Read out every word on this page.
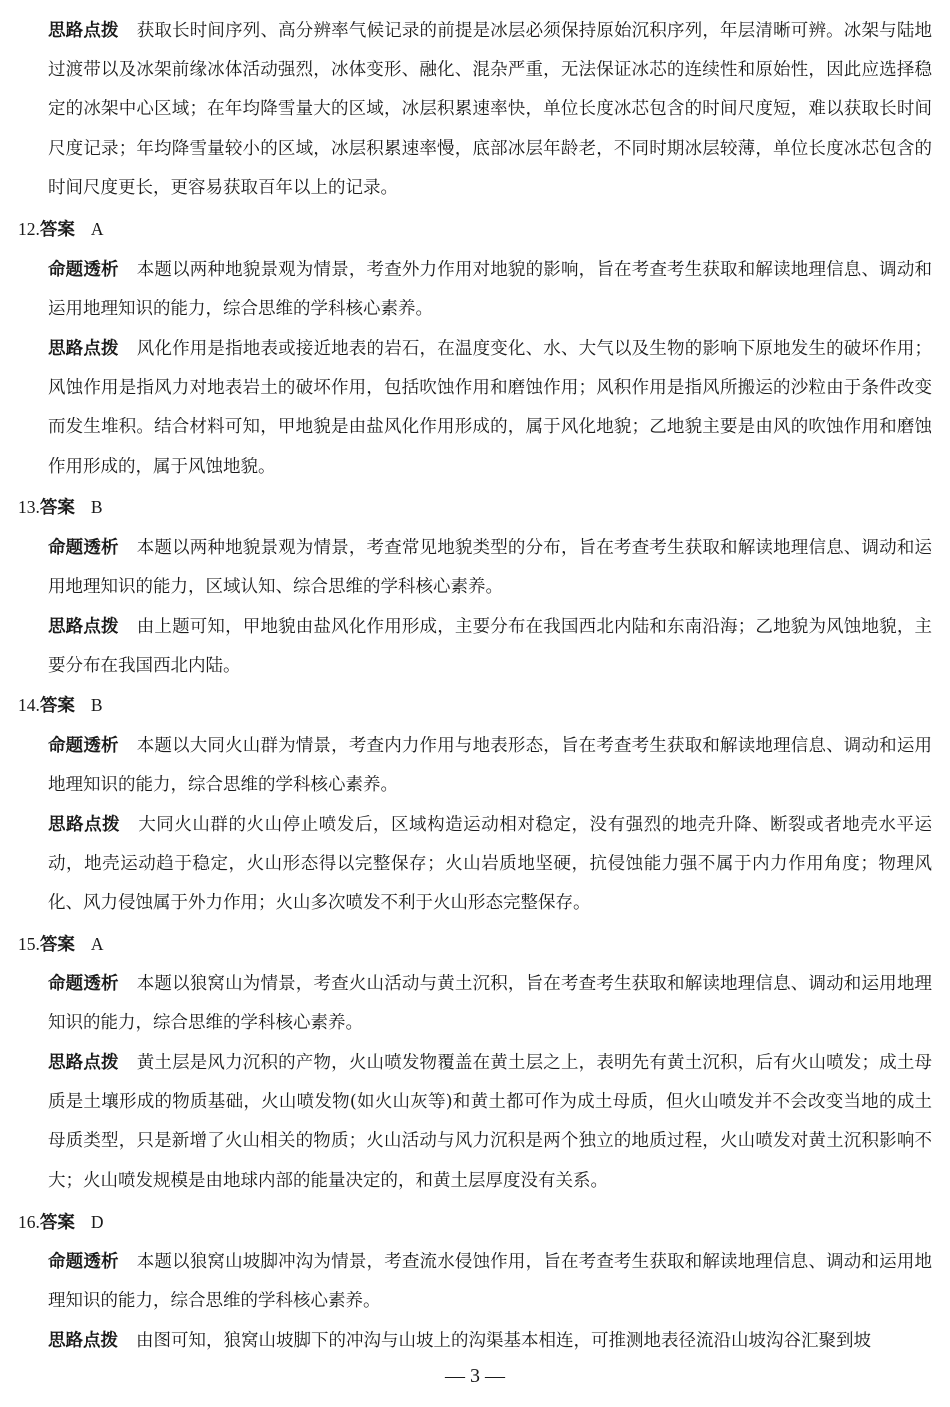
思路点拨 获取长时间序列、高分辨率气候记录的前提是冰层必须保持原始沉积序列，年层清晰可辨。冰架与陆地过渡带以及冰架前缘冰体活动强烈，冰体变形、融化、混杂严重，无法保证冰芯的连续性和原始性，因此应选择稳定的冰架中心区域；在年均降雪量大的区域，冰层积累速率快，单位长度冰芯包含的时间尺度短，难以获取长时间尺度记录；年均降雪量较小的区域，冰层积累速率慢，底部冰层年龄老，不同时期冰层较薄，单位长度冰芯包含的时间尺度更长，更容易获取百年以上的记录。

12.答案 A

命题透析 本题以两种地貌景观为情景，考查外力作用对地貌的影响，旨在考查考生获取和解读地理信息、调动和运用地理知识的能力，综合思维的学科核心素养。

思路点拨 风化作用是指地表或接近地表的岩石，在温度变化、水、大气以及生物的影响下原地发生的破坏作用；风蚀作用是指风力对地表岩土的破坏作用，包括吹蚀作用和磨蚀作用；风积作用是指风所搬运的沙粒由于条件改变而发生堆积。结合材料可知，甲地貌是由盐风化作用形成的，属于风化地貌；乙地貌主要是由风的吹蚀作用和磨蚀作用形成的，属于风蚀地貌。

13.答案 B

命题透析 本题以两种地貌景观为情景，考查常见地貌类型的分布，旨在考查考生获取和解读地理信息、调动和运用地理知识的能力，区域认知、综合思维的学科核心素养。

思路点拨 由上题可知，甲地貌由盐风化作用形成，主要分布在我国西北内陆和东南沿海；乙地貌为风蚀地貌，主要分布在我国西北内陆。

14.答案 B

命题透析 本题以大同火山群为情景，考查内力作用与地表形态，旨在考查考生获取和解读地理信息、调动和运用地理知识的能力，综合思维的学科核心素养。

思路点拨 大同火山群的火山停止喷发后，区域构造运动相对稳定，没有强烈的地壳升降、断裂或者地壳水平运动，地壳运动趋于稳定，火山形态得以完整保存；火山岩质地坚硬，抗侵蚀能力强不属于内力作用角度；物理风化、风力侵蚀属于外力作用；火山多次喷发不利于火山形态完整保存。

15.答案 A

命题透析 本题以狼窝山为情景，考查火山活动与黄土沉积，旨在考查考生获取和解读地理信息、调动和运用地理知识的能力，综合思维的学科核心素养。

思路点拨 黄土层是风力沉积的产物，火山喷发物覆盖在黄土层之上，表明先有黄土沉积，后有火山喷发；成土母质是土壤形成的物质基础，火山喷发物(如火山灰等)和黄土都可作为成土母质，但火山喷发并不会改变当地的成土母质类型，只是新增了火山相关的物质；火山活动与风力沉积是两个独立的地质过程，火山喷发对黄土沉积影响不大；火山喷发规模是由地球内部的能量决定的，和黄土层厚度没有关系。

16.答案 D

命题透析 本题以狼窝山坡脚冲沟为情景，考查流水侵蚀作用，旨在考查考生获取和解读地理信息、调动和运用地理知识的能力，综合思维的学科核心素养。

思路点拨 由图可知，狼窝山坡脚下的冲沟与山坡上的沟渠基本相连，可推测地表径流沿山坡沟谷汇聚到坡

— 3 —
